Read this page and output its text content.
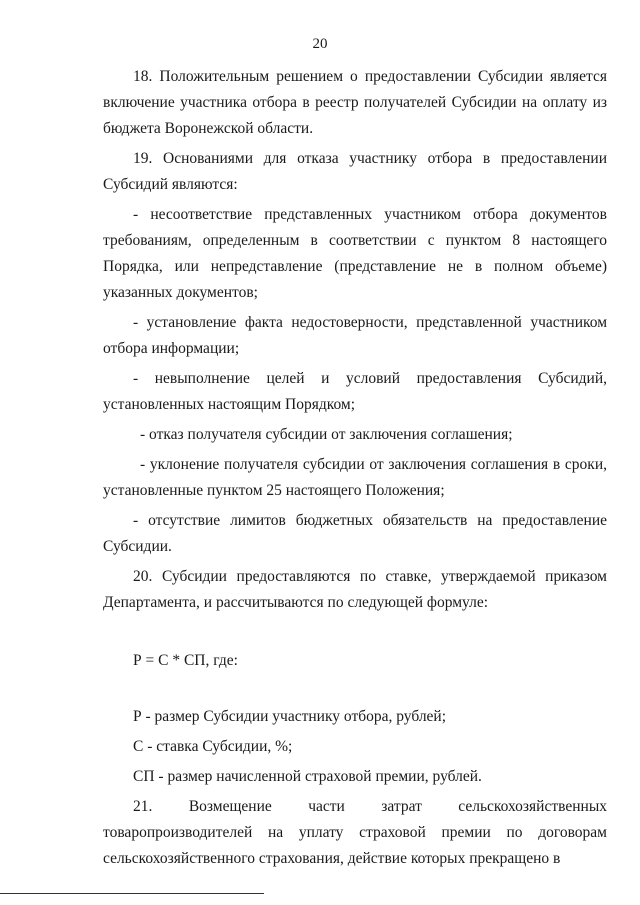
20

18. Положительным решением о предоставлении Субсидии является включение участника отбора в реестр получателей Субсидии на оплату из бюджета Воронежской области.

19. Основаниями для отказа участнику отбора в предоставлении Субсидий являются:

- несоответствие представленных участником отбора документов требованиям, определенным в соответствии с пунктом 8 настоящего Порядка, или непредставление (представление не в полном объеме) указанных документов;

- установление факта недостоверности, представленной участником отбора информации;

- невыполнение целей и условий предоставления Субсидий, установленных настоящим Порядком;

- отказ получателя субсидии от заключения соглашения;

- уклонение получателя субсидии от заключения соглашения в сроки, установленные пунктом 25 настоящего Положения;

- отсутствие лимитов бюджетных обязательств на предоставление Субсидии.

20. Субсидии предоставляются по ставке, утверждаемой приказом Департамента, и рассчитываются по следующей формуле:

Р = С * СП, где:

Р - размер Субсидии участнику отбора, рублей;

С - ставка Субсидии, %;

СП - размер начисленной страховой премии, рублей.

21. Возмещение части затрат сельскохозяйственных товаропроизводителей на уплату страховой премии по договорам сельскохозяйственного страхования, действие которых прекращено в
